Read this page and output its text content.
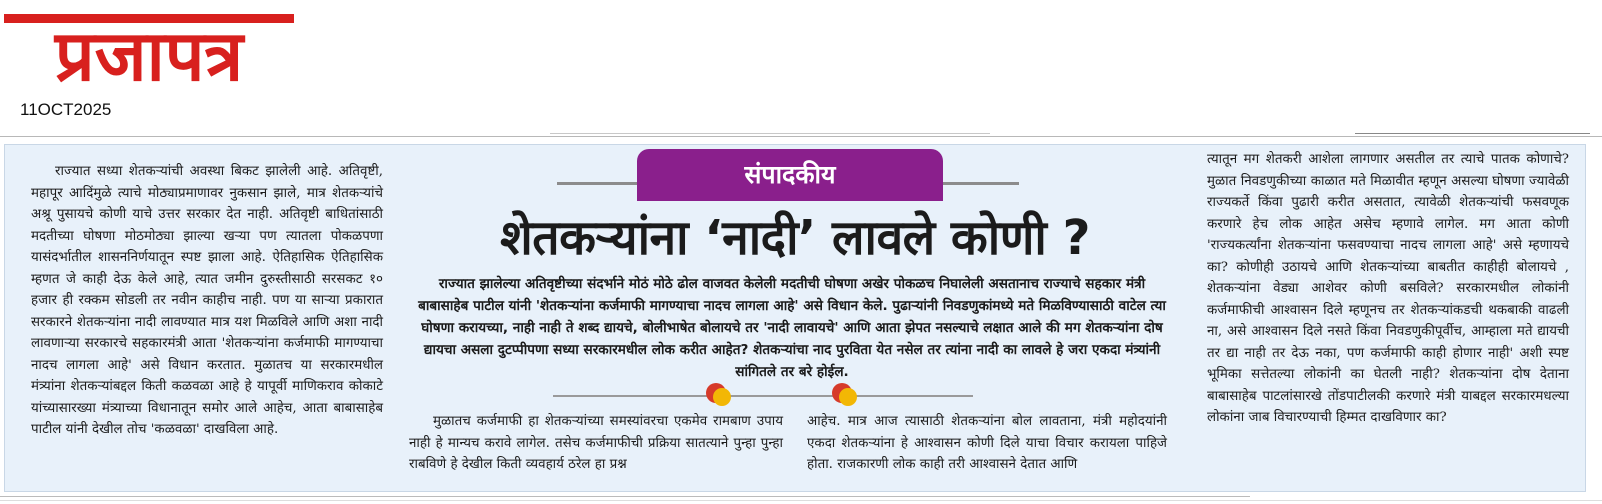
प्रजापत्र
11OCT2025

राज्यात सध्या शेतकऱ्यांची अवस्था बिकट झालेली आहे. अतिवृष्टी, महापूर आदिंमुळे त्याचे मोठ्याप्रमाणावर नुकसान झाले, मात्र शेतकऱ्यांचे अश्रू पुसायचे कोणी याचे उत्तर सरकार देत नाही. अतिवृष्टी बाधितांसाठी मदतीच्या घोषणा मोठमोठ्या झाल्या खऱ्या पण त्यातला पोकळपणा यासंदर्भातील शासननिर्णयातून स्पष्ट झाला आहे. ऐतिहासिक ऐतिहासिक म्हणत जे काही देऊ केले आहे, त्यात जमीन दुरुस्तीसाठी सरसकट १० हजार ही रक्कम सोडली तर नवीन काहीच नाही. पण या साऱ्या प्रकारात सरकारने शेतकऱ्यांना नादी लावण्यात मात्र यश मिळविले आणि अशा नादी लावणाऱ्या सरकारचे सहकारमंत्री आता 'शेतकऱ्यांना कर्जमाफी मागण्याचा नादच लागला आहे' असे विधान करतात. मुळातच या सरकारमधील मंत्र्यांना शेतकऱ्यांबद्दल किती कळवळा आहे हे यापूर्वी माणिकराव कोकाटे यांच्यासारख्या मंत्र्याच्या विधानातून समोर आले आहेच, आता बाबासाहेब पाटील यांनी देखील तोच 'कळवळा' दाखविला आहे.

संपादकीय
शेतकऱ्यांना ‘नादी’ लावले कोणी ?
राज्यात झालेल्या अतिवृष्टीच्या संदर्भाने मोठं मोठे ढोल वाजवत केलेली मदतीची घोषणा अखेर पोकळच निघालेली असतानाच राज्याचे सहकार मंत्री बाबासाहेब पाटील यांनी 'शेतकऱ्यांना कर्जमाफी मागण्याचा नादच लागला आहे' असे विधान केले. पुढाऱ्यांनी निवडणुकांमध्ये मते मिळविण्यासाठी वाटेल त्या घोषणा करायच्या, नाही नाही ते शब्द द्यायचे, बोलीभाषेत बोलायचे तर 'नादी लावायचे' आणि आता झेपत नसल्याचे लक्षात आले की मग शेतकऱ्यांना दोष द्यायचा असला दुटप्पीपणा सध्या सरकारमधील लोक करीत आहेत? शेतकऱ्यांचा नाद पुरविता येत नसेल तर त्यांना नादी का लावले हे जरा एकदा मंत्र्यांनी सांगितले तर बरे होईल.

मुळातच कर्जमाफी हा शेतकऱ्यांच्या समस्यांवरचा एकमेव रामबाण उपाय नाही हे मान्यच करावे लागेल. तसेच कर्जमाफीची प्रक्रिया सातत्याने पुन्हा पुन्हा राबविणे हे देखील किती व्यवहार्य ठरेल हा प्रश्न

आहेच. मात्र आज त्यासाठी शेतकऱ्यांना बोल लावताना, मंत्री महोदयांनी एकदा शेतकऱ्यांना हे आश्वासन कोणी दिले याचा विचार करायला पाहिजे होता. राजकारणी लोक काही तरी आश्वासने देतात आणि

त्यातून मग शेतकरी आशेला लागणार असतील तर त्याचे पातक कोणाचे? मुळात निवडणुकीच्या काळात मते मिळावीत म्हणून असल्या घोषणा ज्यावेळी राज्यकर्ते किंवा पुढारी करीत असतात, त्यावेळी शेतकऱ्यांची फसवणूक करणारे हेच लोक आहेत असेच म्हणावे लागेल. मग आता कोणी 'राज्यकर्त्यांना शेतकऱ्यांना फसवण्याचा नादच लागला आहे' असे म्हणायचे का? कोणीही उठायचे आणि शेतकऱ्यांच्या बाबतीत काहीही बोलायचे , शेतकऱ्यांना वेड्या आशेवर कोणी बसविले? सरकारमधील लोकांनी कर्जमाफीची आश्वासन दिले म्हणूनच तर शेतकऱ्यांकडची थकबाकी वाढली ना, असे आश्वासन दिले नसते किंवा निवडणुकीपूर्वीच, आम्हाला मते द्यायची तर द्या नाही तर देऊ नका, पण कर्जमाफी काही होणार नाही' अशी स्पष्ट भूमिका सत्तेतल्या लोकांनी का घेतली नाही? शेतकऱ्यांना दोष देताना बाबासाहेब पाटलांसारखे तोंडपाटीलकी करणारे मंत्री याबद्दल सरकारमधल्या लोकांना जाब विचारण्याची हिम्मत दाखविणार का?
